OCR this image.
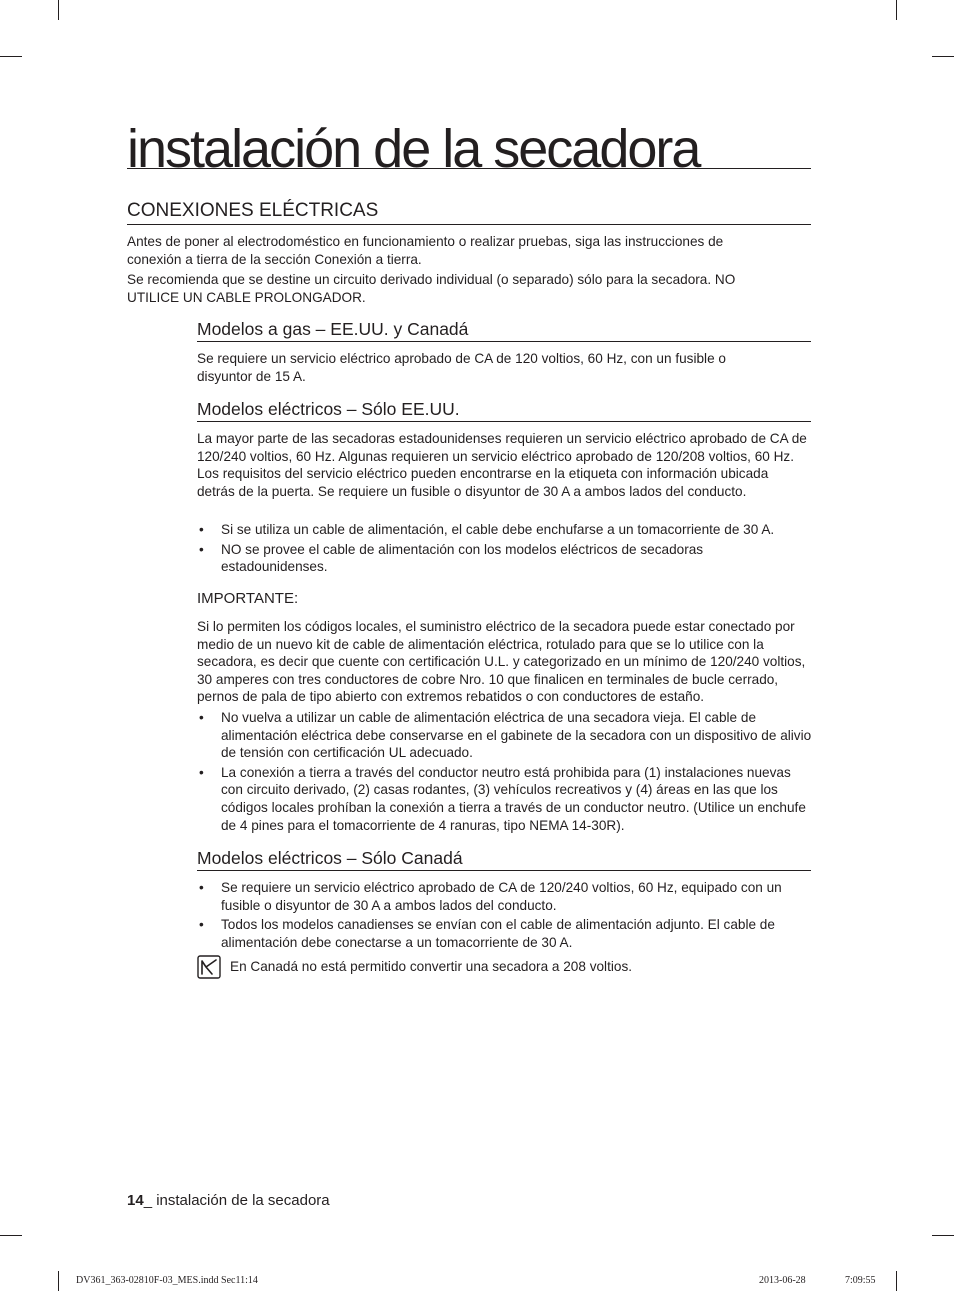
instalación de la secadora
CONEXIONES ELÉCTRICAS

Antes de poner al electrodoméstico en funcionamiento o realizar pruebas, siga las instrucciones de conexión a tierra de la sección Conexión a tierra.

Se recomienda que se destine un circuito derivado individual (o separado) sólo para la secadora. NO UTILICE UN CABLE PROLONGADOR.

Modelos a gas – EE.UU. y Canadá

Se requiere un servicio eléctrico aprobado de CA de 120 voltios, 60 Hz, con un fusible o disyuntor de 15 A.

Modelos eléctricos – Sólo EE.UU.

La mayor parte de las secadoras estadounidenses requieren un servicio eléctrico aprobado de CA de 120/240 voltios, 60 Hz. Algunas requieren un servicio eléctrico aprobado de 120/208 voltios, 60 Hz. Los requisitos del servicio eléctrico pueden encontrarse en la etiqueta con información ubicada detrás de la puerta. Se requiere un fusible o disyuntor de 30 A a ambos lados del conducto.

• Si se utiliza un cable de alimentación, el cable debe enchufarse a un tomacorriente de 30 A.
• NO se provee el cable de alimentación con los modelos eléctricos de secadoras estadounidenses.
IMPORTANTE:

Si lo permiten los códigos locales, el suministro eléctrico de la secadora puede estar conectado por medio de un nuevo kit de cable de alimentación eléctrica, rotulado para que se lo utilice con la secadora, es decir que cuente con certificación U.L. y categorizado en un mínimo de 120/240 voltios, 30 amperes con tres conductores de cobre Nro. 10 que finalicen en terminales de bucle cerrado, pernos de pala de tipo abierto con extremos rebatidos o con conductores de estaño.

• No vuelva a utilizar un cable de alimentación eléctrica de una secadora vieja. El cable de alimentación eléctrica debe conservarse en el gabinete de la secadora con un dispositivo de alivio de tensión con certificación UL adecuado.
• La conexión a tierra a través del conductor neutro está prohibida para (1) instalaciones nuevas con circuito derivado, (2) casas rodantes, (3) vehículos recreativos y (4) áreas en las que los códigos locales prohíban la conexión a tierra a través de un conductor neutro. (Utilice un enchufe de 4 pines para el tomacorriente de 4 ranuras, tipo NEMA 14-30R).
Modelos eléctricos – Sólo Canadá
• Se requiere un servicio eléctrico aprobado de CA de 120/240 voltios, 60 Hz, equipado con un fusible o disyuntor de 30 A a ambos lados del conducto.
• Todos los modelos canadienses se envían con el cable de alimentación adjunto. El cable de alimentación debe conectarse a un tomacorriente de 30 A.
En Canadá no está permitido convertir una secadora a 208 voltios.
14_ instalación de la secadora
DV361_363-02810F-03_MES.indd Sec11:14	2013-06-28	7:09:55
